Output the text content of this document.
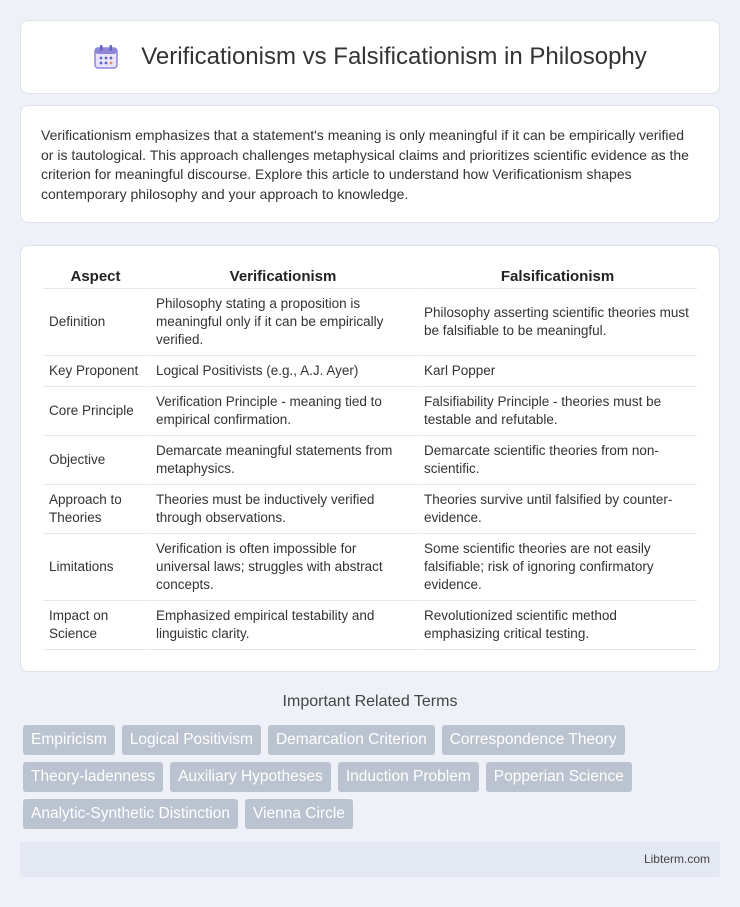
Verificationism vs Falsificationism in Philosophy

Verificationism emphasizes that a statement's meaning is only meaningful if it can be empirically verified or is tautological. This approach challenges metaphysical claims and prioritizes scientific evidence as the criterion for meaningful discourse. Explore this article to understand how Verificationism shapes contemporary philosophy and your approach to knowledge.

Aspect	Verificationism	Falsificationism
Definition	Philosophy stating a proposition is meaningful only if it can be empirically verified.	Philosophy asserting scientific theories must be falsifiable to be meaningful.
Key Proponent	Logical Positivists (e.g., A.J. Ayer)	Karl Popper
Core Principle	Verification Principle - meaning tied to empirical confirmation.	Falsifiability Principle - theories must be testable and refutable.
Objective	Demarcate meaningful statements from metaphysics.	Demarcate scientific theories from non-scientific.
Approach to Theories	Theories must be inductively verified through observations.	Theories survive until falsified by counter-evidence.
Limitations	Verification is often impossible for universal laws; struggles with abstract concepts.	Some scientific theories are not easily falsifiable; risk of ignoring confirmatory evidence.
Impact on Science	Emphasized empirical testability and linguistic clarity.	Revolutionized scientific method emphasizing critical testing.
Important Related Terms
Empiricism	Logical Positivism	Demarcation Criterion	Correspondence Theory
Theory-ladenness	Auxiliary Hypotheses	Induction Problem	Popperian Science
Analytic-Synthetic Distinction	Vienna Circle
Libterm.com
